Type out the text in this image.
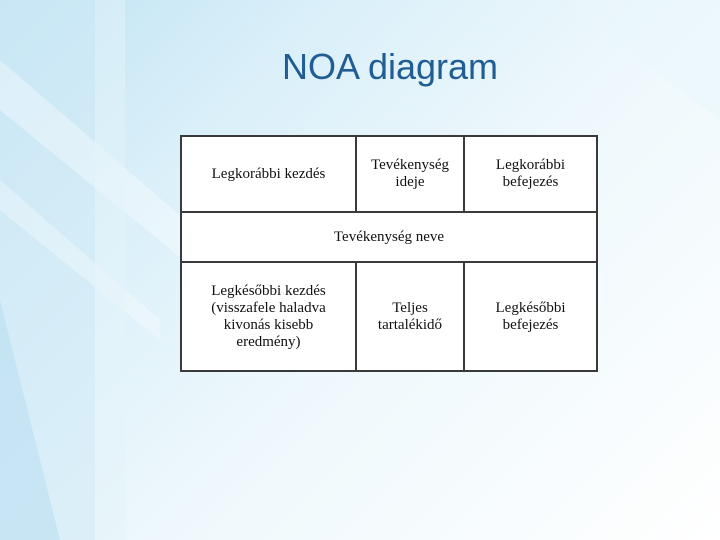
NOA diagram
Legkorábbi kezdés
Tevékenység
ideje
Legkorábbi
befejezés
Tevékenység neve
Legkésőbbi kezdés
(visszafele haladva
kivonás kisebb
eredmény)
Teljes
tartalékidő
Legkésőbbi
befejezés
